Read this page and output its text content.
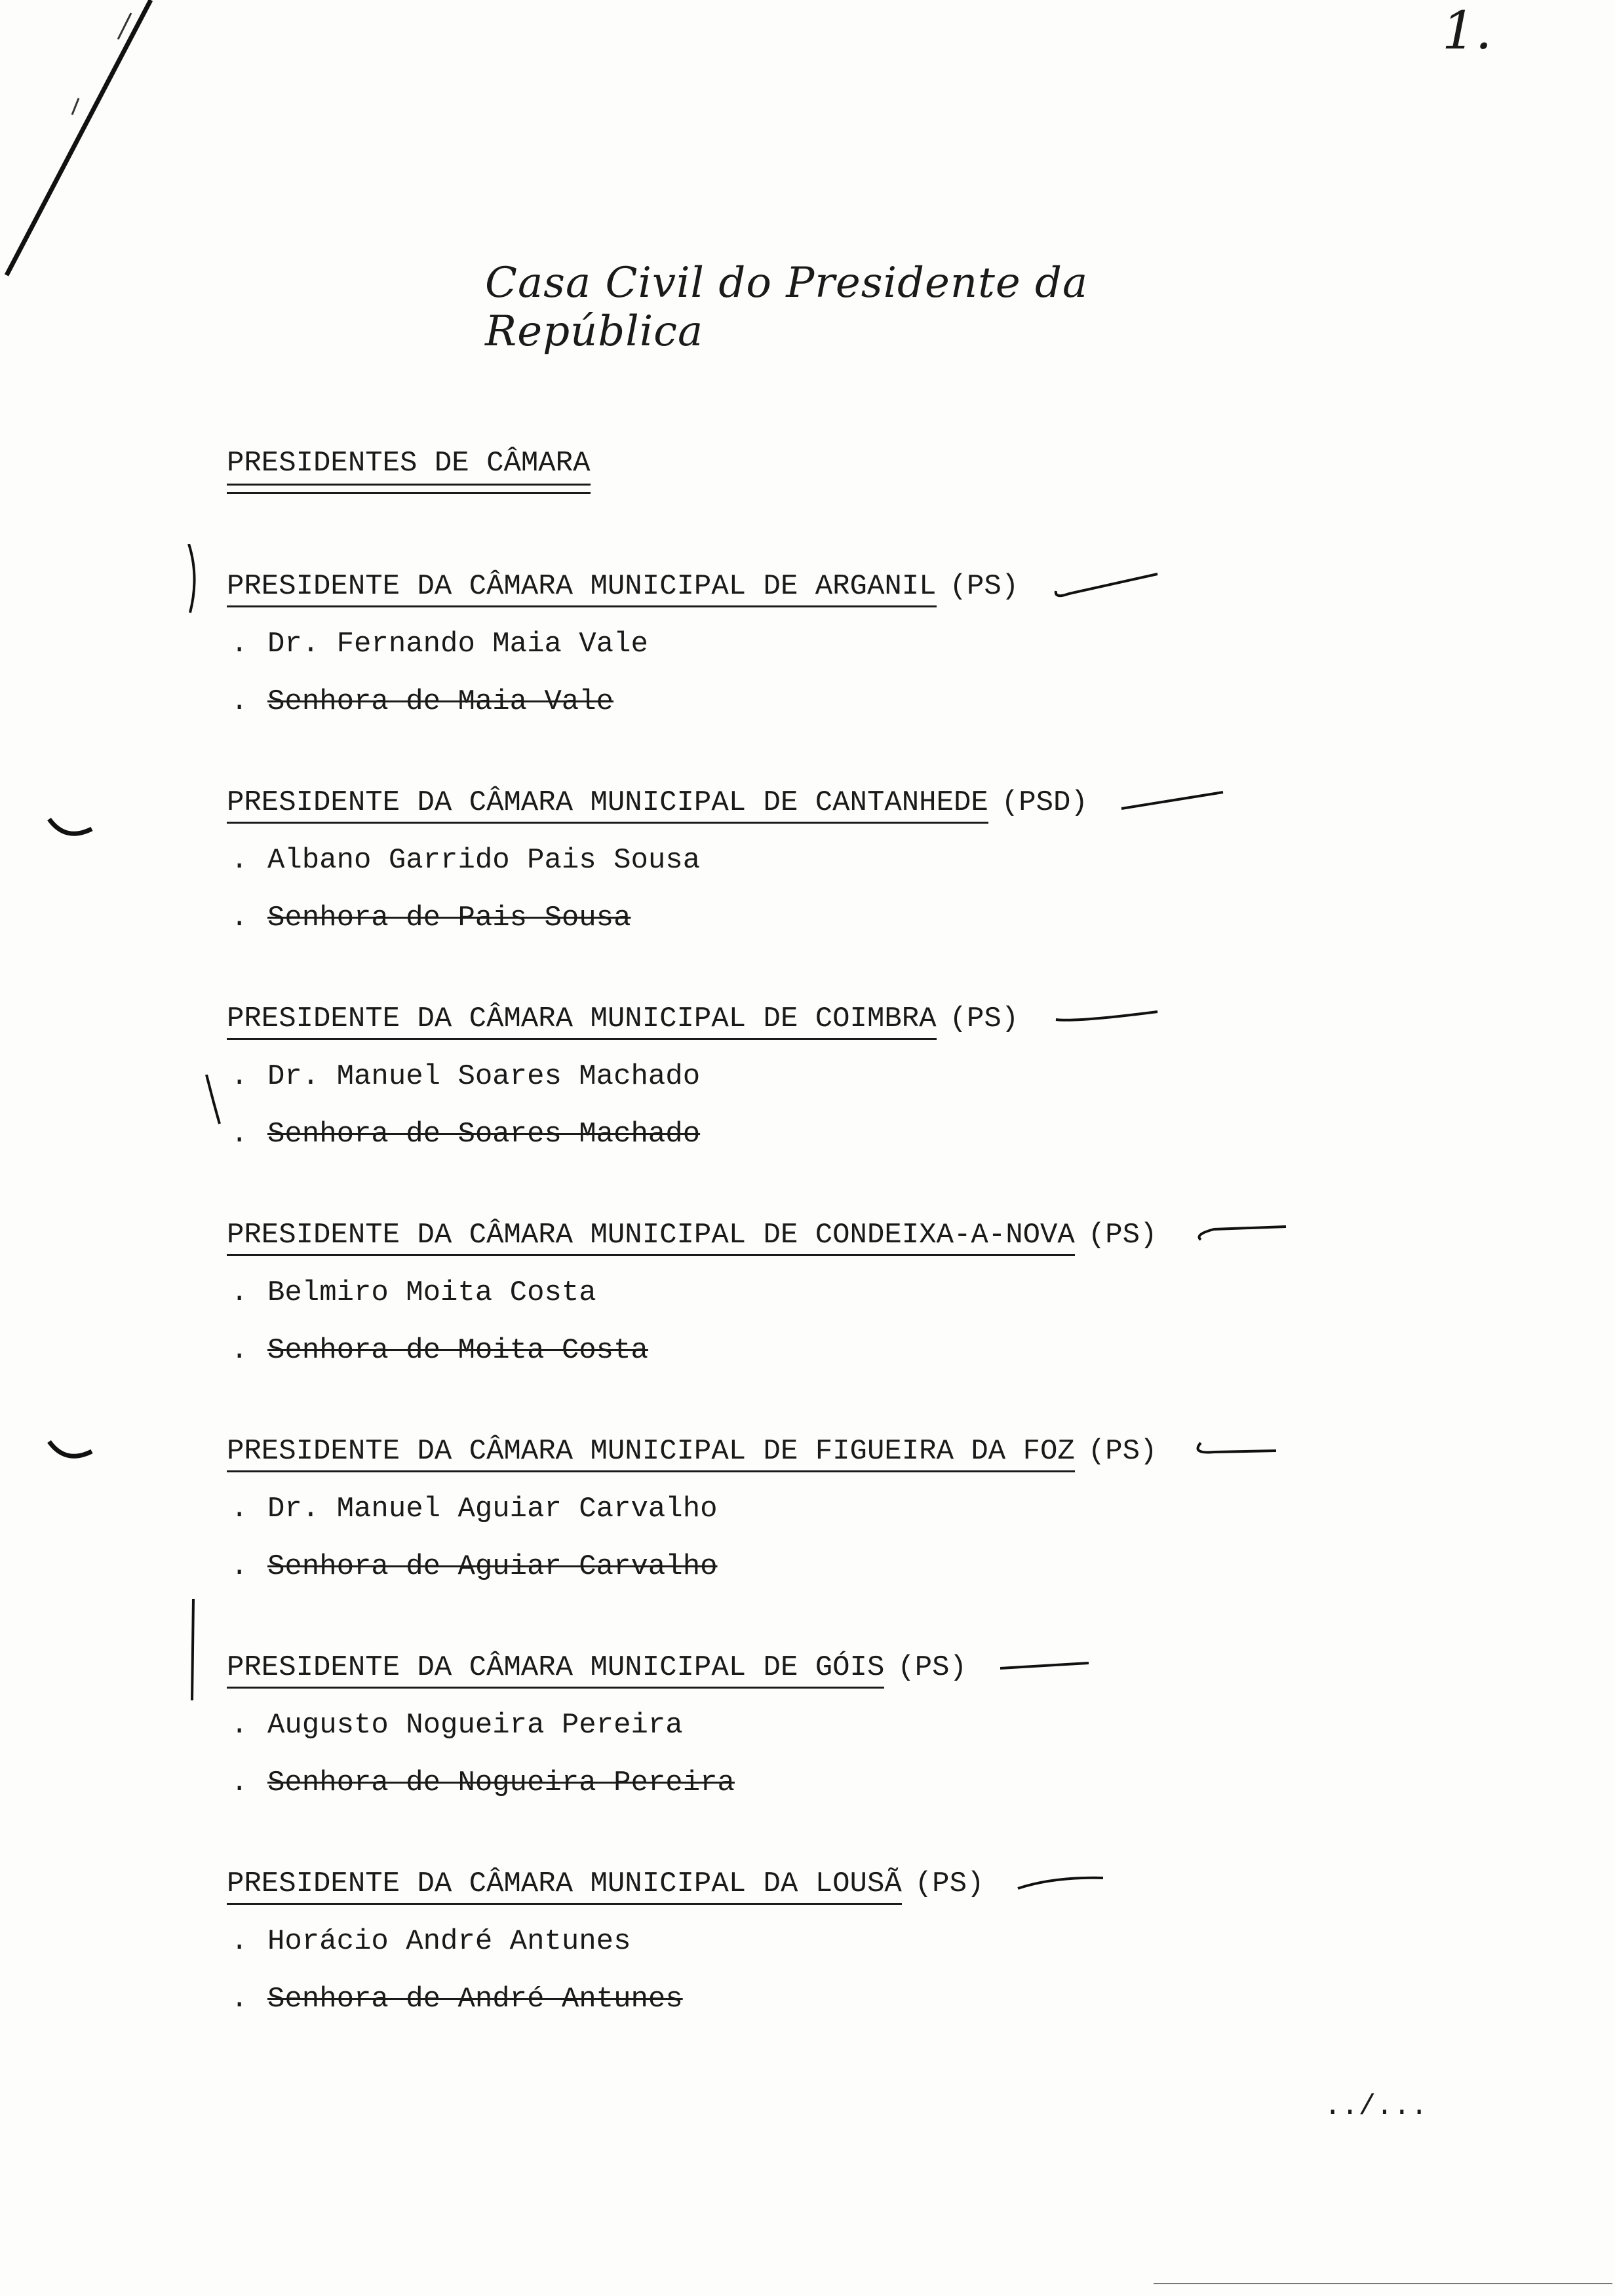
1.
Casa Civil do Presidente da República
PRESIDENTES DE CÂMARA
PRESIDENTE DA CÂMARA MUNICIPAL DE ARGANIL (PS)
. Dr. Fernando Maia Vale
. Senhora de Maia Vale
PRESIDENTE DA CÂMARA MUNICIPAL DE CANTANHEDE (PSD)
. Albano Garrido Pais Sousa
. Senhora de Pais Sousa
PRESIDENTE DA CÂMARA MUNICIPAL DE COIMBRA (PS)
. Dr. Manuel Soares Machado
. Senhora de Soares Machado
PRESIDENTE DA CÂMARA MUNICIPAL DE CONDEIXA-A-NOVA (PS)
. Belmiro Moita Costa
. Senhora de Moita Costa
PRESIDENTE DA CÂMARA MUNICIPAL DE FIGUEIRA DA FOZ (PS)
. Dr. Manuel Aguiar Carvalho
. Senhora de Aguiar Carvalho
PRESIDENTE DA CÂMARA MUNICIPAL DE GÓIS (PS)
. Augusto Nogueira Pereira
. Senhora de Nogueira Pereira
PRESIDENTE DA CÂMARA MUNICIPAL DA LOUSÃ (PS)
. Horácio André Antunes
. Senhora de André Antunes
../...
